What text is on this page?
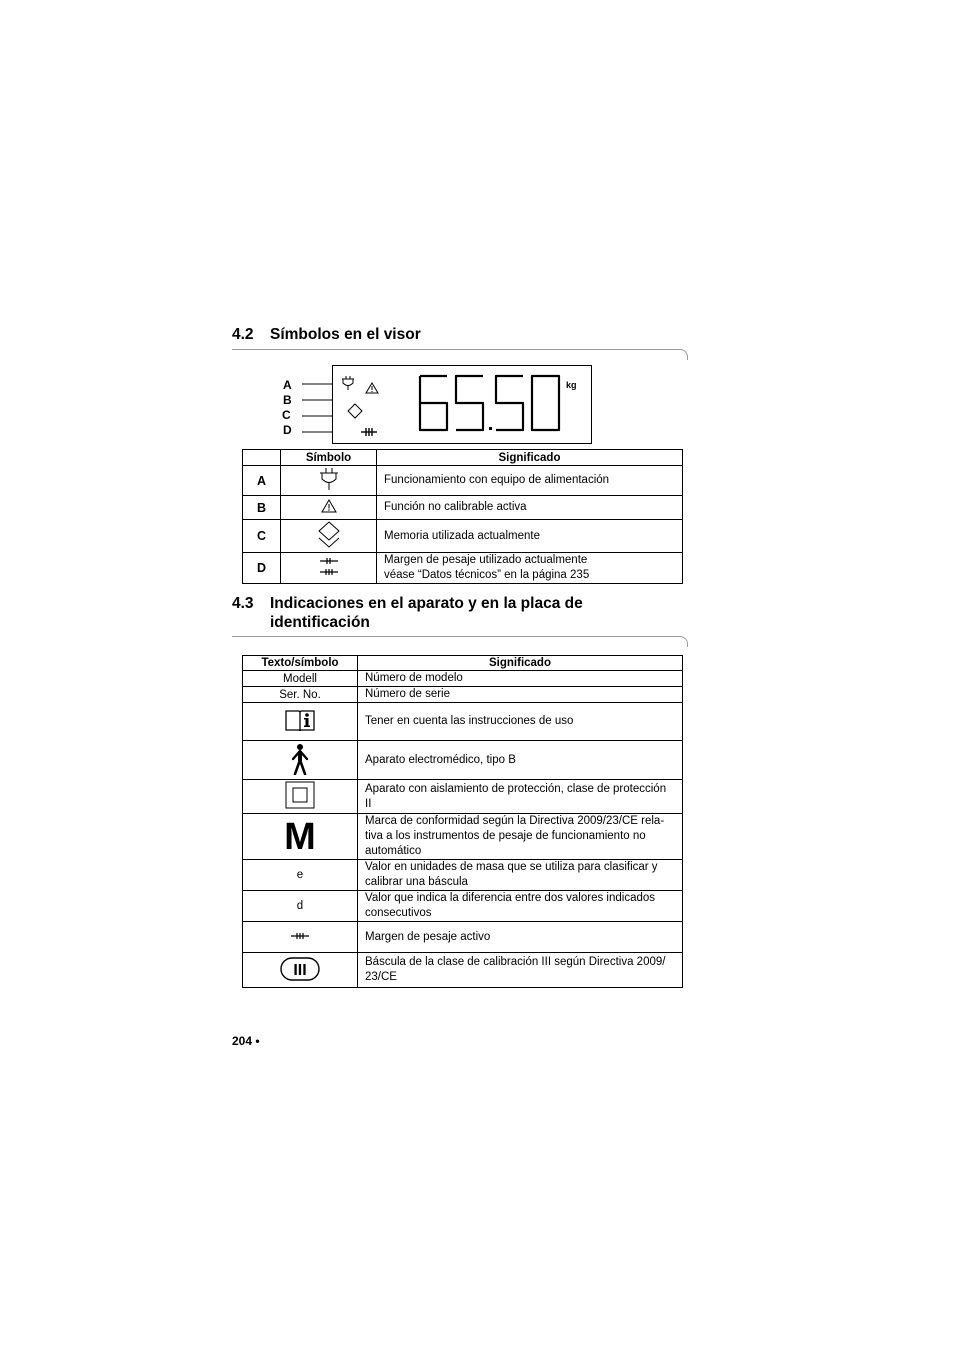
4.2 Símbolos en el visor
A
B
C
D
kg
	Símbolo	Significado
A		Funcionamiento con equipo de alimentación

B		Función no calibrable activa

C		Memoria utilizada actualmente

D		Margen de pesaje utilizado actualmente
véase “Datos técnicos” en la página 235
4.3 Indicaciones en el aparato y en la placa de
identificación
Texto/símbolo	Significado
Modell	Número de modelo

Ser. No.	Número de serie

Tener en cuenta las instrucciones de uso

Aparato electromédico, tipo B

Aparato con aislamiento de protección, clase de protección
II

M	Marca de conformidad según la Directiva 2009/23/CE rela-
tiva a los instrumentos de pesaje de funcionamiento no
automático

e	Valor en unidades de masa que se utiliza para clasificar y
calibrar una báscula

d	Valor que indica la diferencia entre dos valores indicados
consecutivos

Margen de pesaje activo

III	Báscula de la clase de calibración III según Directiva 2009/
23/CE
204 •
